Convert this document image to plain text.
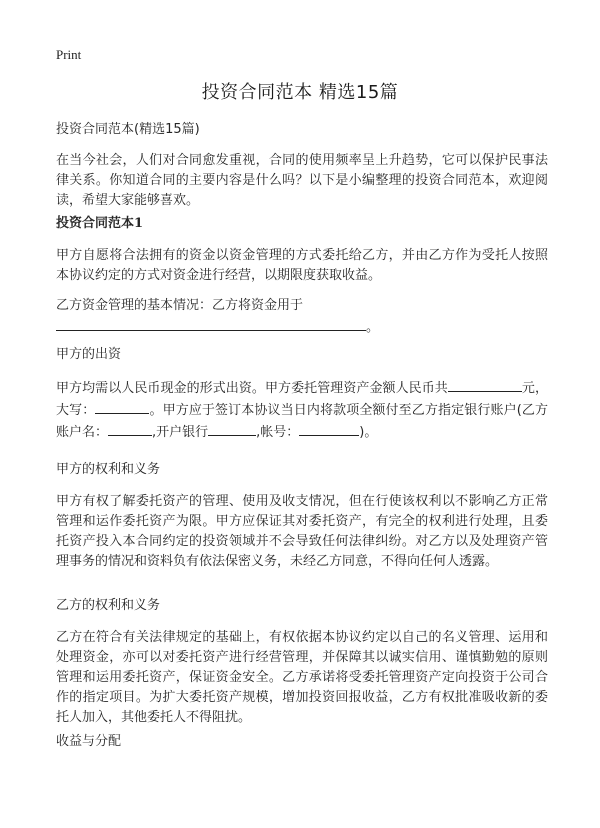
Print
投资合同范本 精选15篇
投资合同范本(精选15篇)
在当今社会，人们对合同愈发重视，合同的使用频率呈上升趋势，它可以保护民事法律关系。你知道合同的主要内容是什么吗？以下是小编整理的投资合同范本，欢迎阅读，希望大家能够喜欢。
投资合同范本1
甲方自愿将合法拥有的资金以资金管理的方式委托给乙方，并由乙方作为受托人按照本协议约定的方式对资金进行经营，以期限度获取收益。
乙方资金管理的基本情况：乙方将资金用于
。
甲方的出资
甲方均需以人民币现金的形式出资。甲方委托管理资产金额人民币共	元，大写：	。甲方应于签订本协议当日内将款项全额付至乙方指定银行账户(乙方账户名：	,开户银行	,帐号：	)。
甲方的权利和义务
甲方有权了解委托资产的管理、使用及收支情况，但在行使该权利以不影响乙方正常管理和运作委托资产为限。甲方应保证其对委托资产，有完全的权利进行处理，且委托资产投入本合同约定的投资领域并不会导致任何法律纠纷。对乙方以及处理资产管理事务的情况和资料负有依法保密义务，未经乙方同意，不得向任何人透露。
乙方的权利和义务
乙方在符合有关法律规定的基础上，有权依据本协议约定以自己的名义管理、运用和处理资金，亦可以对委托资产进行经营管理，并保障其以诚实信用、谨慎勤勉的原则管理和运用委托资产，保证资金安全。乙方承诺将受委托管理资产定向投资于公司合作的指定项目。为扩大委托资产规模，增加投资回报收益，乙方有权批准吸收新的委托人加入，其他委托人不得阻扰。
收益与分配
